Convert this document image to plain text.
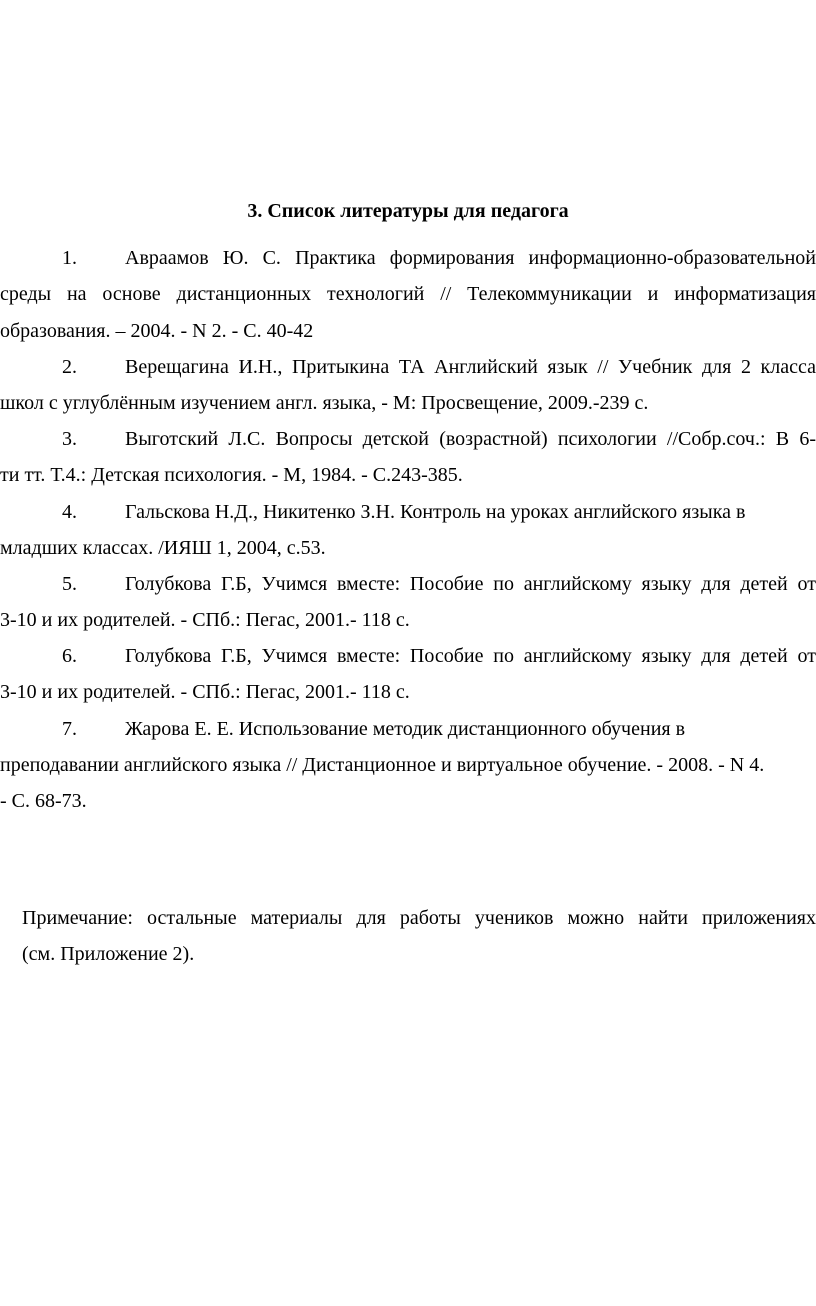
3. Список литературы для педагога
1.	Авраамов Ю. С. Практика формирования информационно-образовательной
среды на основе дистанционных технологий // Телекоммуникации и информатизация
образования. – 2004. - N 2. - С. 40-42
2.	Верещагина И.Н., Притыкина ТА Английский язык // Учебник для 2 класса
школ с углублённым изучением англ. языка, - М: Просвещение, 2009.-239 с.
3.	Выготский Л.С. Вопросы детской (возрастной) психологии //Собр.соч.: В 6-
ти тт. Т.4.: Детская психология. - М, 1984. - С.243-385.
4.	Гальскова Н.Д., Никитенко З.Н. Контроль на уроках английского языка в
младших классах. /ИЯШ 1, 2004, с.53.
5.	Голубкова Г.Б, Учимся вместе: Пособие по английскому языку для детей от
3-10 и их родителей. - СПб.: Пегас, 2001.- 118 с.
6.	Голубкова Г.Б, Учимся вместе: Пособие по английскому языку для детей от
3-10 и их родителей. - СПб.: Пегас, 2001.- 118 с.
7.	Жарова Е. Е. Использование методик дистанционного обучения в
преподавании английского языка // Дистанционное и виртуальное обучение. - 2008. - N 4.
- С. 68-73.
Примечание: остальные материалы для работы учеников можно найти приложениях
(см. Приложение 2).
